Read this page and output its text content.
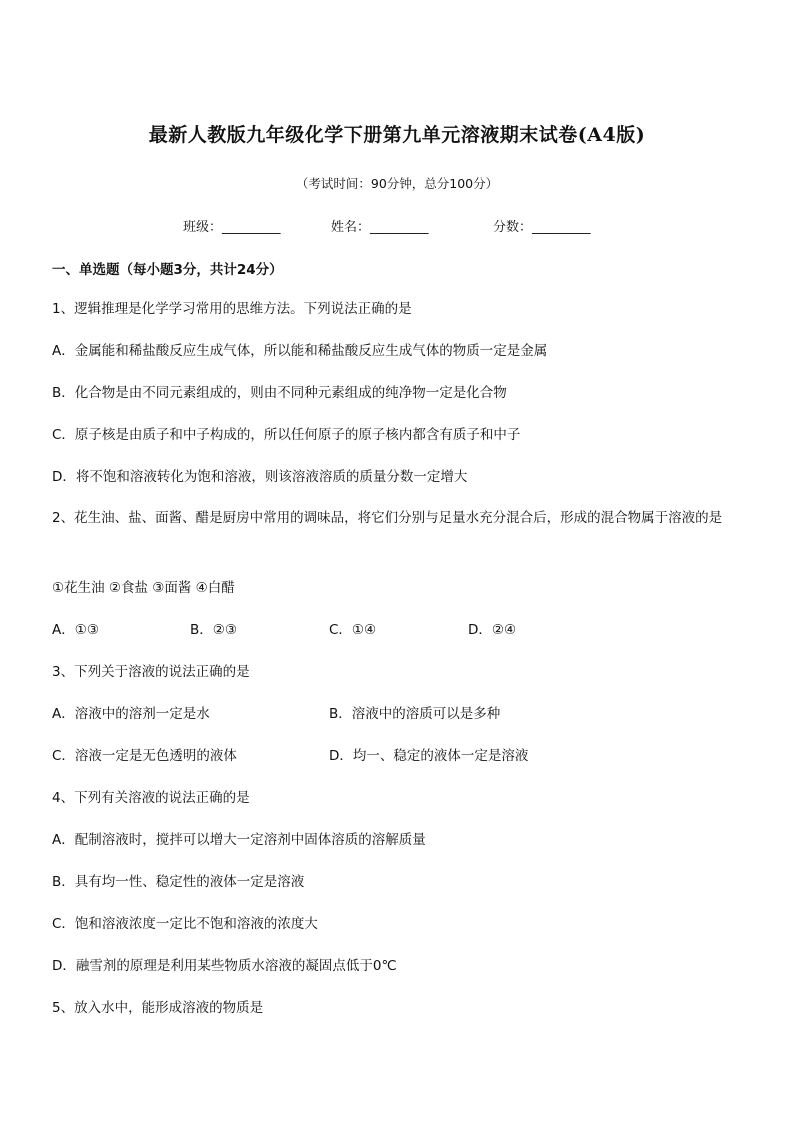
最新人教版九年级化学下册第九单元溶液期末试卷(A4版)
（考试时间：90分钟，总分100分）
班级：_________	姓名：_________	分数：_________
一、单选题（每小题3分，共计24分）
1、逻辑推理是化学学习常用的思维方法。下列说法正确的是
A．金属能和稀盐酸反应生成气体，所以能和稀盐酸反应生成气体的物质一定是金属
B．化合物是由不同元素组成的，则由不同种元素组成的纯净物一定是化合物
C．原子核是由质子和中子构成的，所以任何原子的原子核内都含有质子和中子
D．将不饱和溶液转化为饱和溶液，则该溶液溶质的质量分数一定增大
2、花生油、盐、面酱、醋是厨房中常用的调味品，将它们分别与足量水充分混合后，形成的混合物属于溶液的是
①花生油 ②食盐 ③面酱 ④白醋
A．①③	B．②③	C．①④	D．②④
3、下列关于溶液的说法正确的是
A．溶液中的溶剂一定是水	B．溶液中的溶质可以是多种
C．溶液一定是无色透明的液体	D．均一、稳定的液体一定是溶液
4、下列有关溶液的说法正确的是
A．配制溶液时，搅拌可以增大一定溶剂中固体溶质的溶解质量
B．具有均一性、稳定性的液体一定是溶液
C．饱和溶液浓度一定比不饱和溶液的浓度大
D．融雪剂的原理是利用某些物质水溶液的凝固点低于0℃
5、放入水中，能形成溶液的物质是
